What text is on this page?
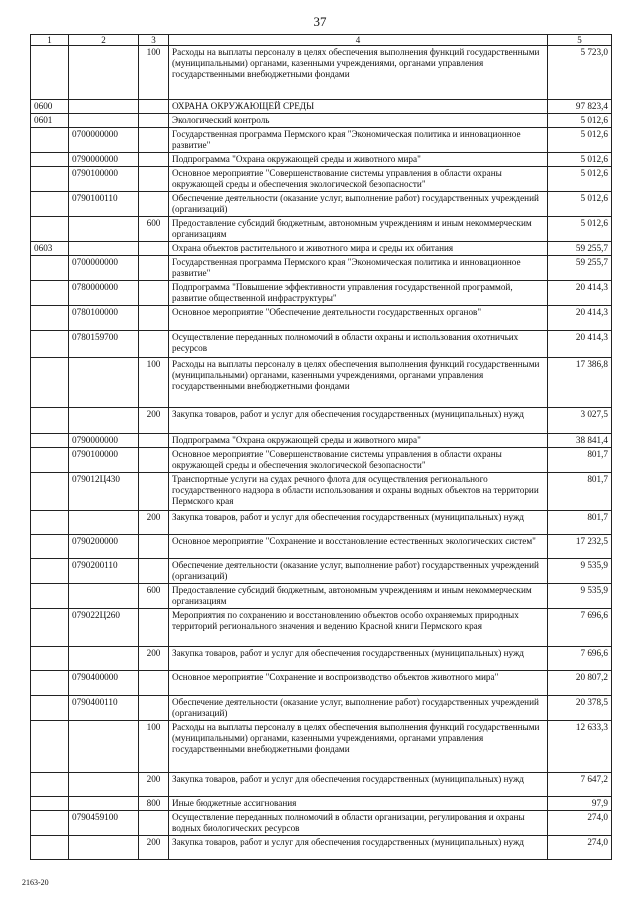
37
1	2	3	4	5
		100	Расходы на выплаты персоналу в целях обеспечения выполнения функций государственными (муниципальными) органами, казенными учреждениями, органами управления государственными внебюджетными фондами	5 723,0
0600			ОХРАНА ОКРУЖАЮЩЕЙ СРЕДЫ	97 823,4
0601			Экологический контроль	5 012,6
	0700000000		Государственная программа Пермского края "Экономическая политика и инновационное развитие"	5 012,6
	0790000000		Подпрограмма "Охрана окружающей среды и животного мира"	5 012,6
	0790100000		Основное мероприятие "Совершенствование системы управления в области охраны окружающей среды и обеспечения экологической безопасности"	5 012,6
	0790100110		Обеспечение деятельности (оказание услуг, выполнение работ) государственных учреждений (организаций)	5 012,6
		600	Предоставление субсидий бюджетным, автономным учреждениям и иным некоммерческим организациям	5 012,6
0603			Охрана объектов растительного и животного мира и среды их обитания	59 255,7
	0700000000		Государственная программа Пермского края "Экономическая политика и инновационное развитие"	59 255,7
	0780000000		Подпрограмма "Повышение эффективности управления государственной программой, развитие общественной инфраструктуры"	20 414,3
	0780100000		Основное мероприятие "Обеспечение деятельности государственных органов"	20 414,3
	0780159700		Осуществление переданных полномочий в области охраны и использования охотничьих ресурсов	20 414,3
		100	Расходы на выплаты персоналу в целях обеспечения выполнения функций государственными (муниципальными) органами, казенными учреждениями, органами управления государственными внебюджетными фондами	17 386,8
		200	Закупка товаров, работ и услуг для обеспечения государственных (муниципальных) нужд	3 027,5
	0790000000		Подпрограмма "Охрана окружающей среды и животного мира"	38 841,4
	0790100000		Основное мероприятие "Совершенствование системы управления в области охраны окружающей среды и обеспечения экологической безопасности"	801,7
	079012Ц430		Транспортные услуги на судах речного флота для осуществления регионального государственного надзора в области использования и охраны водных объектов на территории Пермского края	801,7
		200	Закупка товаров, работ и услуг для обеспечения государственных (муниципальных) нужд	801,7
	0790200000		Основное мероприятие "Сохранение и восстановление естественных экологических систем"	17 232,5
	0790200110		Обеспечение деятельности (оказание услуг, выполнение работ) государственных учреждений (организаций)	9 535,9
		600	Предоставление субсидий бюджетным, автономным учреждениям и иным некоммерческим организациям	9 535,9
	079022Ц260		Мероприятия по сохранению и восстановлению объектов особо охраняемых природных территорий регионального значения и ведению Красной книги Пермского края	7 696,6
		200	Закупка товаров, работ и услуг для обеспечения государственных (муниципальных) нужд	7 696,6
	0790400000		Основное мероприятие "Сохранение и воспроизводство объектов животного мира"	20 807,2
	0790400110		Обеспечение деятельности (оказание услуг, выполнение работ) государственных учреждений (организаций)	20 378,5
		100	Расходы на выплаты персоналу в целях обеспечения выполнения функций государственными (муниципальными) органами, казенными учреждениями, органами управления государственными внебюджетными фондами	12 633,3
		200	Закупка товаров, работ и услуг для обеспечения государственных (муниципальных) нужд	7 647,2
		800	Иные бюджетные ассигнования	97,9
	0790459100		Осуществление переданных полномочий в области организации, регулирования и охраны водных биологических ресурсов	274,0
		200	Закупка товаров, работ и услуг для обеспечения государственных (муниципальных) нужд	274,0
2163-20
